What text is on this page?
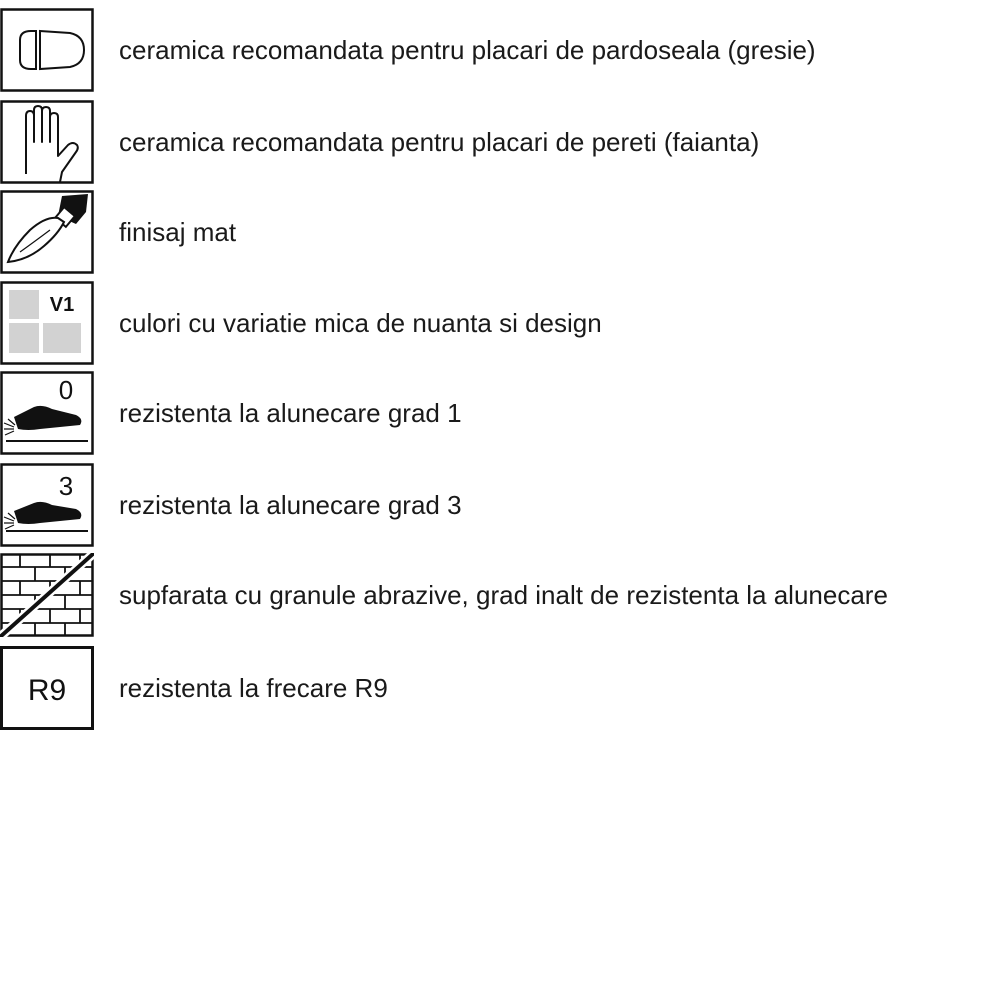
ceramica recomandata pentru placari de pardoseala (gresie)
ceramica recomandata pentru placari de pereti (faianta)
finisaj mat
V1
culori cu variatie mica de nuanta si design
0
rezistenta la alunecare grad 1
3
rezistenta la alunecare grad 3
supfarata cu granule abrazive, grad inalt de rezistenta la alunecare
R9 rezistenta la frecare R9
